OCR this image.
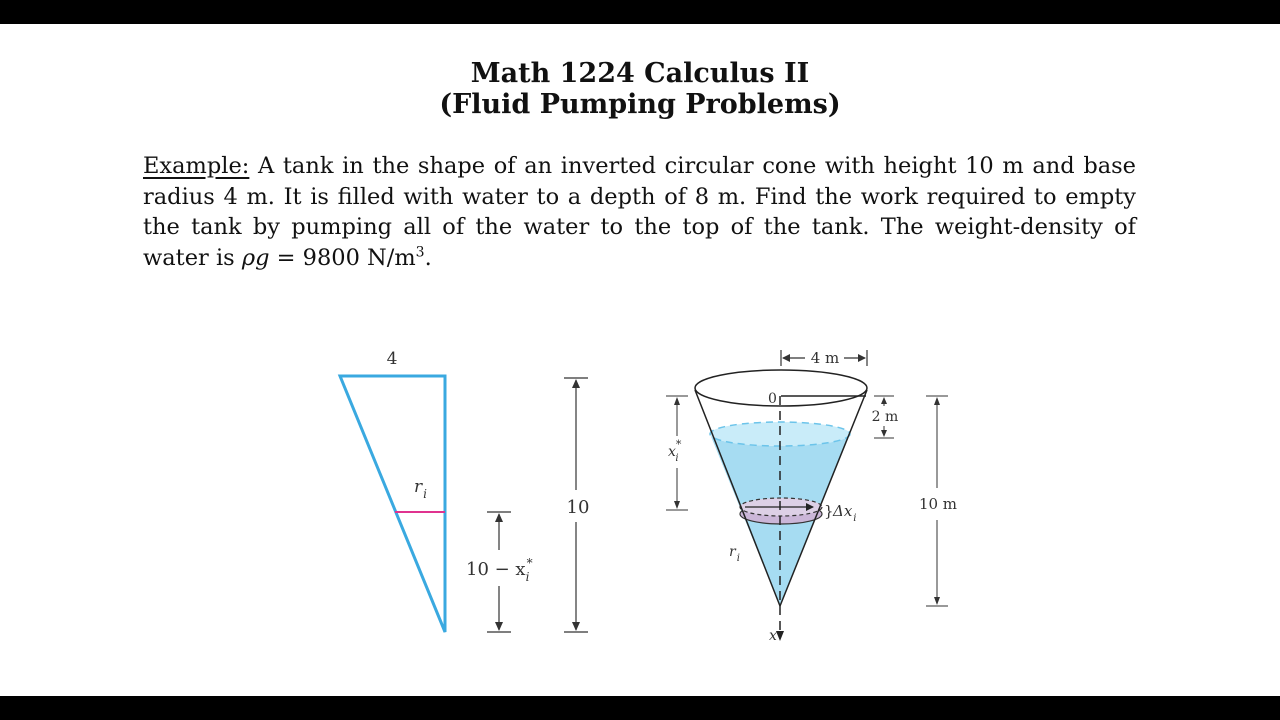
Math 1224 Calculus II
(Fluid Pumping Problems)
Example: A tank in the shape of an inverted circular cone with height 10 m and base radius 4 m. It is filled with water to a depth of 8 m. Find the work required to empty the tank by pumping all of the water to the top of the tank. The weight-density of water is ρg = 9800 $N/m^3$.
4
$r_i$
10 − x* i
10
x
0
$r_i$
} $\Delta x_i$
4 m
2 m
x* i
10 m
